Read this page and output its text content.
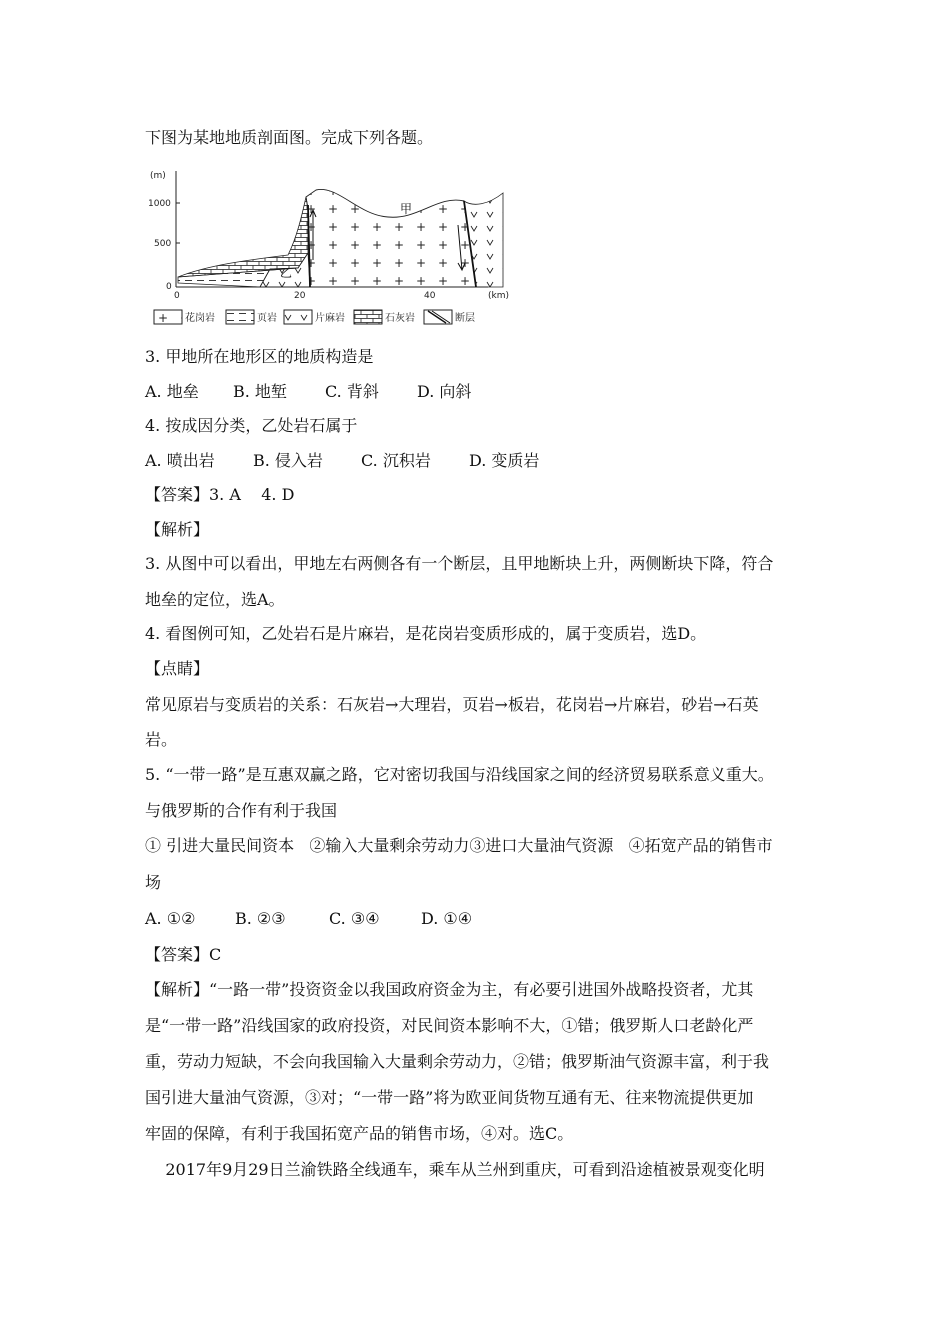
下图为某地地质剖面图。完成下列各题。
(m)
1000
500
0
0	20	40	(km)
甲
乙
花岗岩	页岩	片麻岩	石灰岩	断层
3. 甲地所在地形区的地质构造是
A. 地垒 B. 地堑 C. 背斜 D. 向斜
4. 按成因分类，乙处岩石属于
A. 喷出岩 B. 侵入岩 C. 沉积岩 D. 变质岩
【答案】3. A    4. D
【解析】
3. 从图中可以看出，甲地左右两侧各有一个断层，且甲地断块上升，两侧断块下降，符合
地垒的定位，选A。
4. 看图例可知，乙处岩石是片麻岩，是花岗岩变质形成的，属于变质岩，选D。
【点睛】
常见原岩与变质岩的关系：石灰岩→大理岩，页岩→板岩，花岗岩→片麻岩，砂岩→石英
岩。
5. “一带一路”是互惠双赢之路，它对密切我国与沿线国家之间的经济贸易联系意义重大。
与俄罗斯的合作有利于我国
① 引进大量民间资本   ②输入大量剩余劳动力③进口大量油气资源   ④拓宽产品的销售市
场
A. ①② B. ②③	C. ③④	D. ①④
【答案】C
【解析】“一路一带”投资资金以我国政府资金为主，有必要引进国外战略投资者，尤其
是“一带一路”沿线国家的政府投资，对民间资本影响不大，①错；俄罗斯人口老龄化严
重，劳动力短缺，不会向我国输入大量剩余劳动力，②错；俄罗斯油气资源丰富，利于我
国引进大量油气资源，③对；“一带一路”将为欧亚间货物互通有无、往来物流提供更加
牢固的保障，有利于我国拓宽产品的销售市场，④对。选C。
2017年9月29日兰渝铁路全线通车，乘车从兰州到重庆，可看到沿途植被景观变化明
